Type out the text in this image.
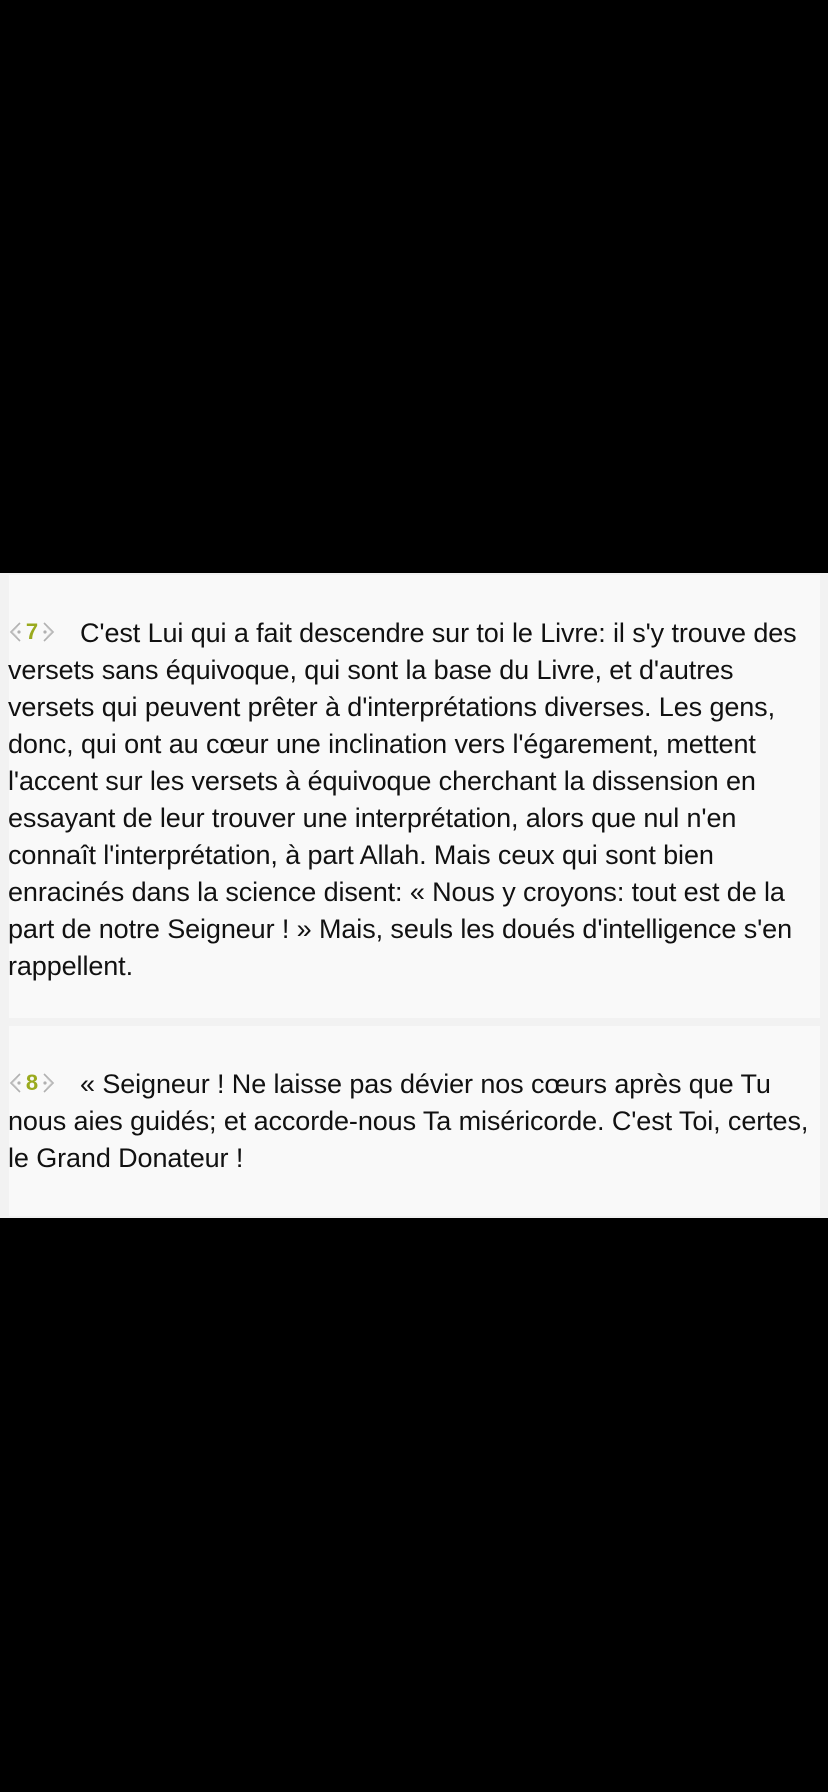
7 C'est Lui qui a fait descendre sur toi le Livre: il s'y trouve des versets sans équivoque, qui sont la base du Livre, et d'autres versets qui peuvent prêter à d'interprétations diverses. Les gens, donc, qui ont au cœur une inclination vers l'égarement, mettent l'accent sur les versets à équivoque cherchant la dissension en essayant de leur trouver une interprétation, alors que nul n'en connaît l'interprétation, à part Allah. Mais ceux qui sont bien enracinés dans la science disent: « Nous y croyons: tout est de la part de notre Seigneur ! » Mais, seuls les doués d'intelligence s'en rappellent.

8 « Seigneur ! Ne laisse pas dévier nos cœurs après que Tu nous aies guidés; et accorde-nous Ta miséricorde. C'est Toi, certes, le Grand Donateur !
